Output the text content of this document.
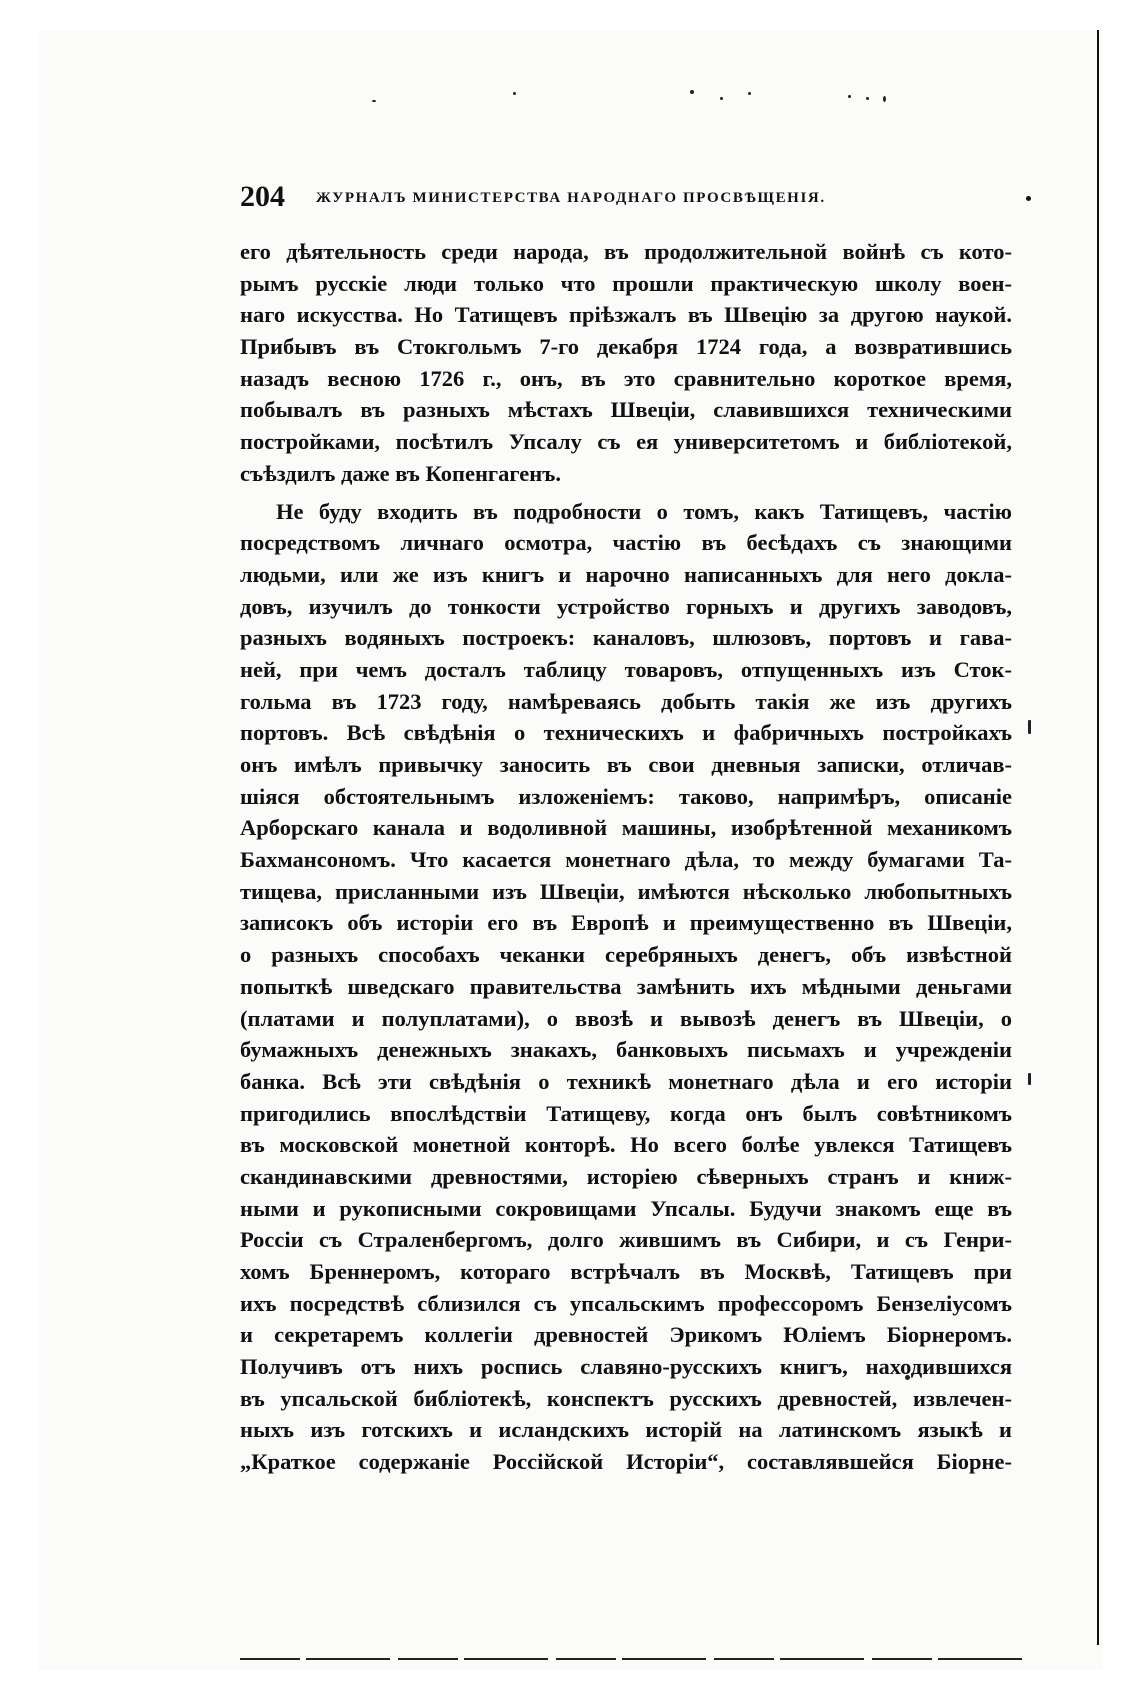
204 ЖУРНАЛЪ МИНИСТЕРСТВА НАРОДНАГО ПРОСВѢЩЕНІЯ.
его дѣятельность среди народа, въ продолжительной войнѣ съ кото-
рымъ русскіе люди только что прошли практическую школу воен-
наго искусства. Но Татищевъ пріѣзжалъ въ Швецію за другою наукой.
Прибывъ въ Стокгольмъ 7-го декабря 1724 года, а возвратившись
назадъ весною 1726 г., онъ, въ это сравнительно короткое время,
побывалъ въ разныхъ мѣстахъ Швеціи, славившихся техническими
постройками, посѣтилъ Упсалу съ ея университетомъ и библіотекой,
съѣздилъ даже въ Копенгагенъ.
Не буду входить въ подробности о томъ, какъ Татищевъ, частію
посредствомъ личнаго осмотра, частію въ бесѣдахъ съ знающими
людьми, или же изъ книгъ и нарочно написанныхъ для него докла-
довъ, изучилъ до тонкости устройство горныхъ и другихъ заводовъ,
разныхъ водяныхъ построекъ: каналовъ, шлюзовъ, портовъ и гава-
ней, при чемъ досталъ таблицу товаровъ, отпущенныхъ изъ Сток-
гольма въ 1723 году, намѣреваясь добыть такія же изъ другихъ
портовъ. Всѣ свѣдѣнія о техническихъ и фабричныхъ постройкахъ
онъ имѣлъ привычку заносить въ свои дневныя записки, отличав-
шіяся обстоятельнымъ изложеніемъ: таково, напримѣръ, описаніе
Арборскаго канала и водоливной машины, изобрѣтенной механикомъ
Бахмансономъ. Что касается монетнаго дѣла, то между бумагами Та-
тищева, присланными изъ Швеціи, имѣются нѣсколько любопытныхъ
записокъ объ исторіи его въ Европѣ и преимущественно въ Швеціи,
о разныхъ способахъ чеканки серебряныхъ денегъ, объ извѣстной
попыткѣ шведскаго правительства замѣнить ихъ мѣдными деньгами
(платами и полуплатами), о ввозѣ и вывозѣ денегъ въ Швеціи, о
бумажныхъ денежныхъ знакахъ, банковыхъ письмахъ и учрежденіи
банка. Всѣ эти свѣдѣнія о техникѣ монетнаго дѣла и его исторіи
пригодились впослѣдствіи Татищеву, когда онъ былъ совѣтникомъ
въ московской монетной конторѣ. Но всего болѣе увлекся Татищевъ
скандинавскими древностями, исторіею сѣверныхъ странъ и книж-
ными и рукописными сокровищами Упсалы. Будучи знакомъ еще въ
Россіи съ Страленбергомъ, долго жившимъ въ Сибири, и съ Генри-
хомъ Бреннеромъ, котораго встрѣчалъ въ Москвѣ, Татищевъ при
ихъ посредствѣ сблизился съ упсальскимъ профессоромъ Бензеліусомъ
и секретаремъ коллегіи древностей Эрикомъ Юліемъ Біорнеромъ.
Получивъ отъ нихъ роспись славяно-русскихъ книгъ, находившихся
въ упсальской библіотекѣ, конспектъ русскихъ древностей, извлечен-
ныхъ изъ готскихъ и исландскихъ исторій на латинскомъ языкѣ и
„Краткое содержаніе Россійской Исторіи“, составлявшейся Біорне-
